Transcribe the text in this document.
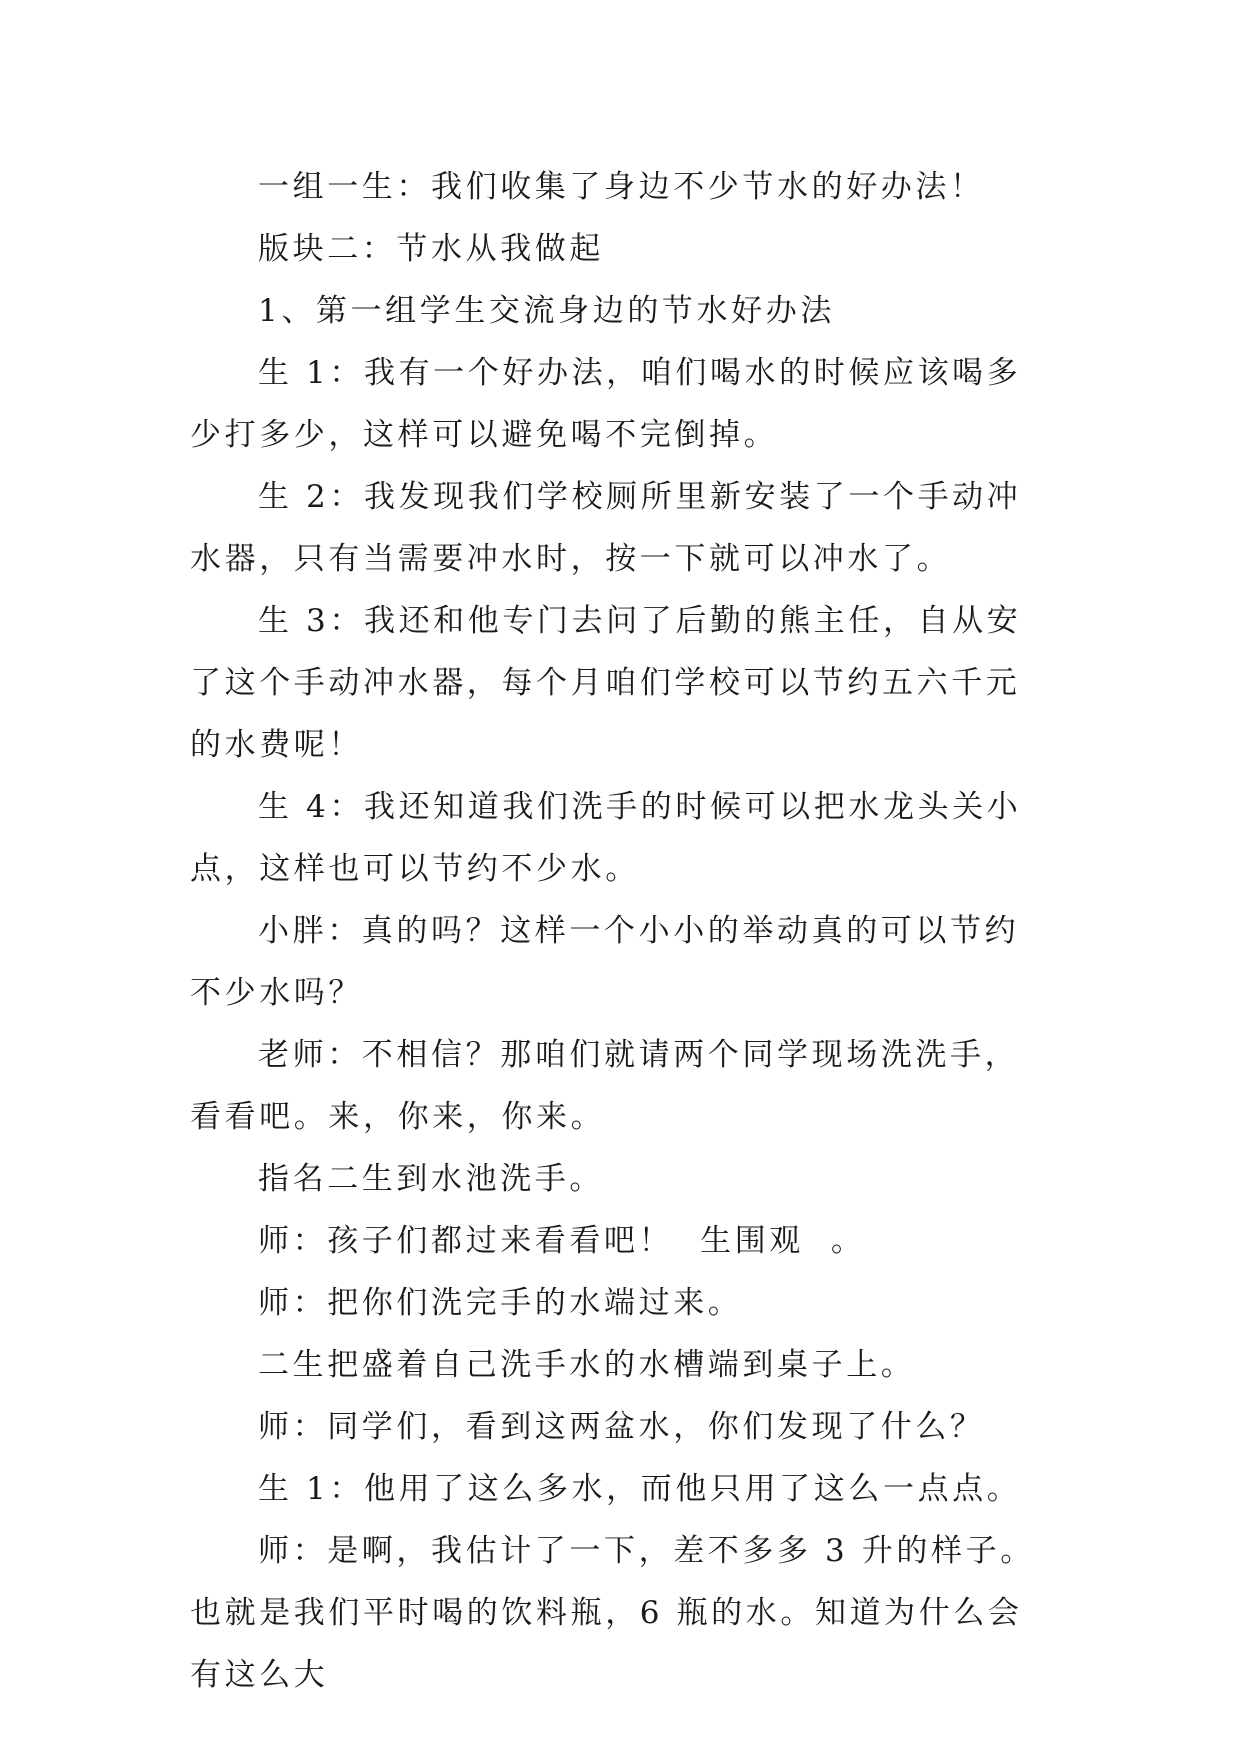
一组一生：我们收集了身边不少节水的好办法！

版块二：节水从我做起

1、第一组学生交流身边的节水好办法

生 1：我有一个好办法，咱们喝水的时候应该喝多少打多少，这样可以避免喝不完倒掉。

生 2：我发现我们学校厕所里新安装了一个手动冲水器，只有当需要冲水时，按一下就可以冲水了。

生 3：我还和他专门去问了后勤的熊主任，自从安了这个手动冲水器，每个月咱们学校可以节约五六千元的水费呢！

生 4：我还知道我们洗手的时候可以把水龙头关小点，这样也可以节约不少水。

小胖：真的吗？这样一个小小的举动真的可以节约不少水吗？

老师：不相信？那咱们就请两个同学现场洗洗手，看看吧。来，你来，你来。

指名二生到水池洗手。

师：孩子们都过来看看吧！  生围观  。

师：把你们洗完手的水端过来。

二生把盛着自己洗手水的水槽端到桌子上。

师：同学们，看到这两盆水，你们发现了什么？

生 1：他用了这么多水，而他只用了这么一点点。

师：是啊，我估计了一下，差不多多 3 升的样子。也就是我们平时喝的饮料瓶，6 瓶的水。知道为什么会有这么大
